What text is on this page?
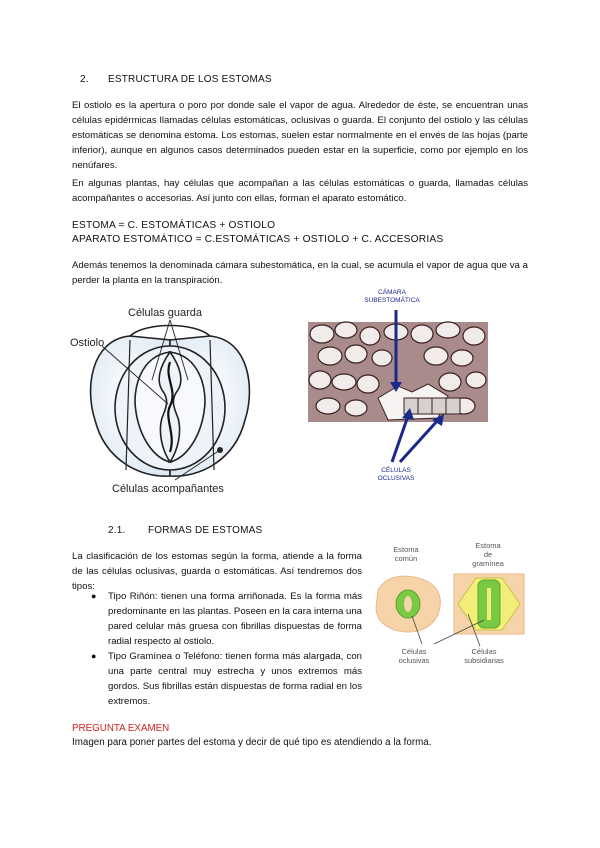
2. ESTRUCTURA DE LOS ESTOMAS
El ostiolo es la apertura o poro por donde sale el vapor de agua. Alrededor de éste, se encuentran unas células epidérmicas llamadas células estomáticas, oclusivas o guarda. El conjunto del ostiolo y las células estomáticas se denomina estoma. Los estomas, suelen estar normalmente en el envés de las hojas (parte inferior), aunque en algunos casos determinados pueden estar en la superficie, como por ejemplo en los nenúfares.
En algunas plantas, hay células que acompañan a las células estomáticas o guarda, llamadas células acompañantes o accesorias. Así junto con ellas, forman el aparato estomático.
ESTOMA = C. ESTOMÁTICAS + OSTIOLO
APARATO ESTOMÁTICO = C.ESTOMÁTICAS + OSTIOLO + C. ACCESORIAS
Además tenemos la denominada cámara subestomática, en la cual, se acumula el vapor de agua que va a perder la planta en la transpiración.
Células guarda
Ostiolo
Células acompañantes
CÁMARA
SUBESTOMÁTICA
CÉLULAS
OCLUSIVAS
2.1. FORMAS DE ESTOMAS
La clasificación de los estomas según la forma, atiende a la forma de las células oclusivas, guarda o estomáticas. Así tendremos dos tipos:
● Tipo Riñón: tienen una forma arriñonada. Es la forma más predominante en las plantas. Poseen en la cara interna una pared celular más gruesa con fibrillas dispuestas de forma radial respecto al ostiolo.
● Tipo Gramínea o Teléfono: tienen forma más alargada, con una parte central muy estrecha y unos extremos más gordos. Sus fibrillas están dispuestas de forma radial en los extremos.
Estoma
común
Estoma
de
gramínea
Células
oclusivas
Células
subsidiarias
PREGUNTA EXAMEN
Imagen para poner partes del estoma y decir de qué tipo es atendiendo a la forma.
